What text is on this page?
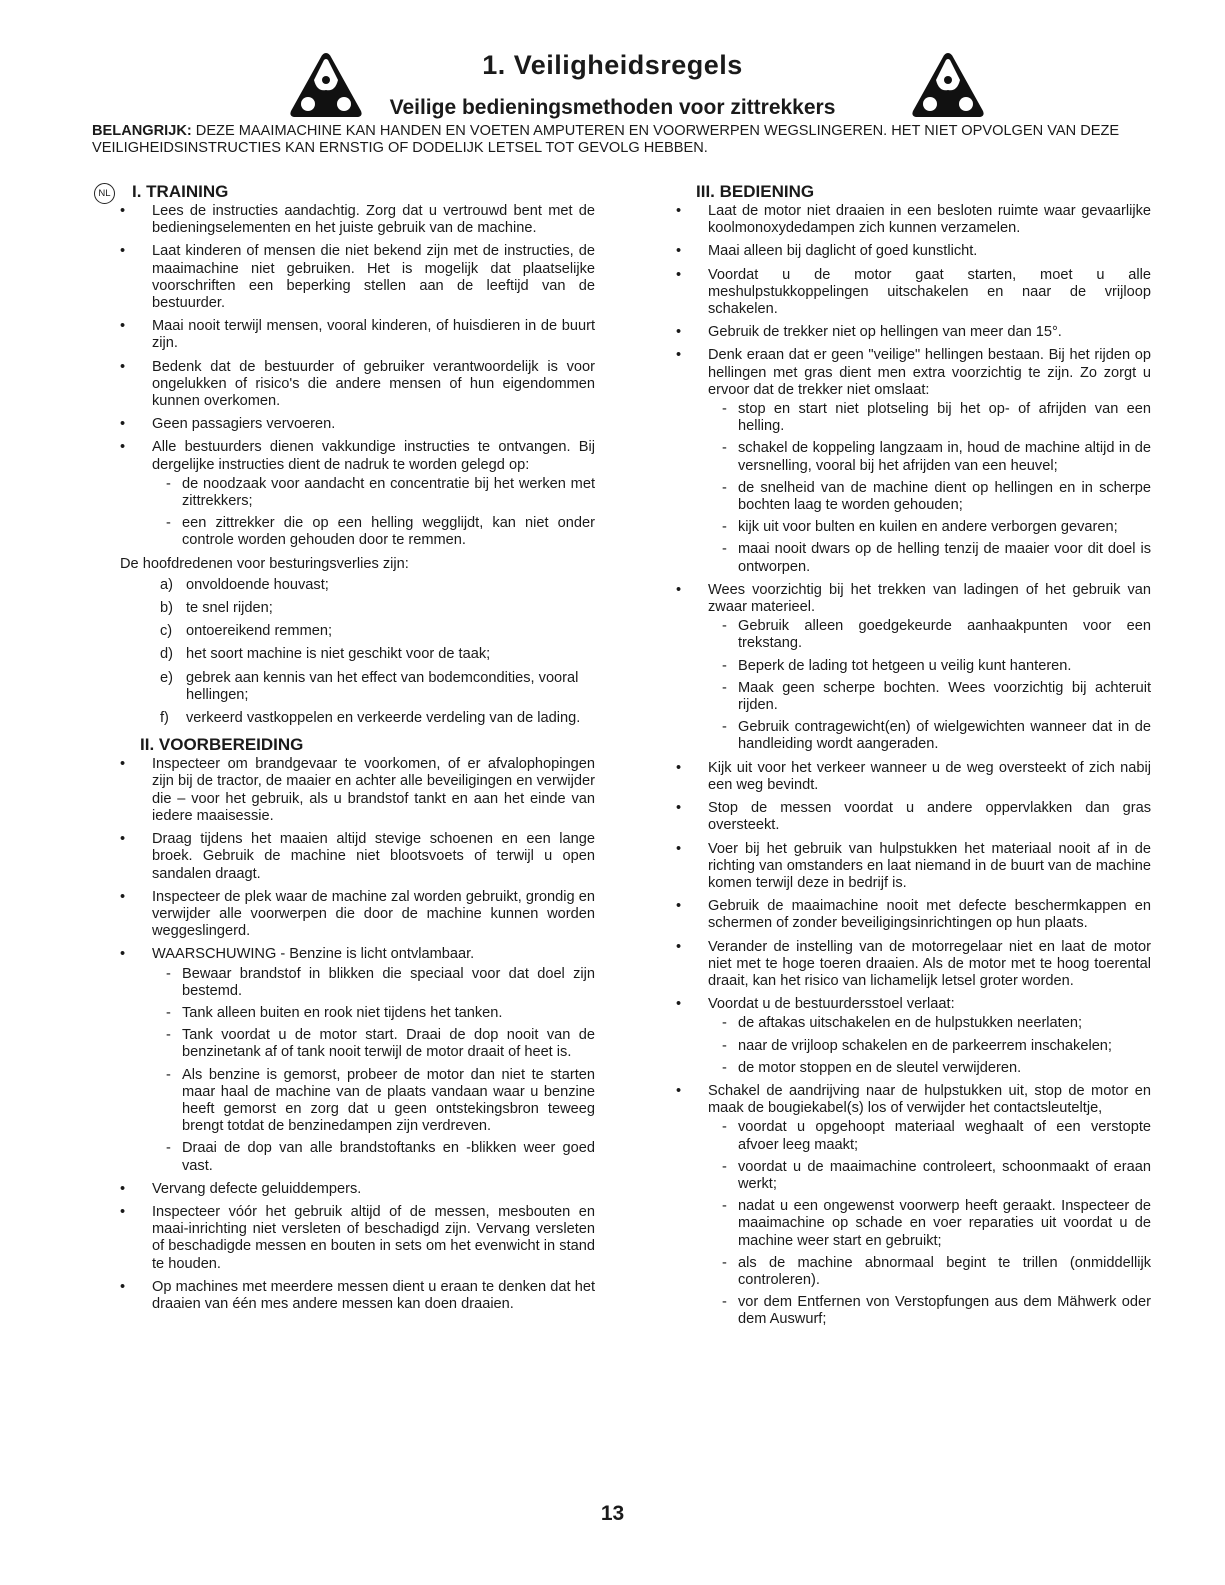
1. Veiligheidsregels
Veilige bedieningsmethoden voor zittrekkers
BELANGRIJK: DEZE MAAIMACHINE KAN HANDEN EN VOETEN AMPUTEREN EN VOORWERPEN WEGSLINGEREN. HET NIET OPVOLGEN VAN DEZE VEILIGHEIDSINSTRUCTIES KAN ERNSTIG OF DODELIJK LETSEL TOT GEVOLG HEBBEN.
NL I. TRAINING
• Lees de instructies aandachtig. Zorg dat u vertrouwd bent met de bedieningselementen en het juiste gebruik van de machine.
• Laat kinderen of mensen die niet bekend zijn met de instructies, de maaimachine niet gebruiken. Het is mogelijk dat plaatselijke voorschriften een beperking stellen aan de leeftijd van de bestuurder.
• Maai nooit terwijl mensen, vooral kinderen, of huisdieren in de buurt zijn.
• Bedenk dat de bestuurder of gebruiker verantwoordelijk is voor ongelukken of risico's die andere mensen of hun eigendommen kunnen overkomen.
• Geen passagiers vervoeren.
• Alle bestuurders dienen vakkundige instructies te ontvangen. Bij dergelijke instructies dient de nadruk te worden gelegd op:
- de noodzaak voor aandacht en concentratie bij het werken met zittrekkers;
- een zittrekker die op een helling wegglijdt, kan niet onder controle worden gehouden door te remmen.
De hoofdredenen voor besturingsverlies zijn:
a) onvoldoende houvast;
b) te snel rijden;
c) ontoereikend remmen;
d) het soort machine is niet geschikt voor de taak;
e) gebrek aan kennis van het effect van bodemcondities, vooral hellingen;
f) verkeerd vastkoppelen en verkeerde verdeling van de lading.
II. VOORBEREIDING
• Inspecteer om brandgevaar te voorkomen, of er afvalophopingen zijn bij de tractor, de maaier en achter alle beveiligingen en verwijder die – voor het gebruik, als u brandstof tankt en aan het einde van iedere maaisessie.
• Draag tijdens het maaien altijd stevige schoenen en een lange broek. Gebruik de machine niet blootsvoets of terwijl u open sandalen draagt.
• Inspecteer de plek waar de machine zal worden gebruikt, grondig en verwijder alle voorwerpen die door de machine kunnen worden weggeslingerd.
• WAARSCHUWING - Benzine is licht ontvlambaar.
- Bewaar brandstof in blikken die speciaal voor dat doel zijn bestemd.
- Tank alleen buiten en rook niet tijdens het tanken.
- Tank voordat u de motor start. Draai de dop nooit van de benzinetank af of tank nooit terwijl de motor draait of heet is.
- Als benzine is gemorst, probeer de motor dan niet te starten maar haal de machine van de plaats vandaan waar u benzine heeft gemorst en zorg dat u geen ontstekingsbron teweeg brengt totdat de benzinedampen zijn verdreven.
- Draai de dop van alle brandstoftanks en -blikken weer goed vast.
• Vervang defecte geluiddempers.
• Inspecteer vóór het gebruik altijd of de messen, mesbouten en maai-inrichting niet versleten of beschadigd zijn. Vervang versleten of beschadigde messen en bouten in sets om het evenwicht in stand te houden.
• Op machines met meerdere messen dient u eraan te denken dat het draaien van één mes andere messen kan doen draaien.
III. BEDIENING
• Laat de motor niet draaien in een besloten ruimte waar gevaarlijke koolmonoxydedampen zich kunnen verzamelen.
• Maai alleen bij daglicht of goed kunstlicht.
• Voordat u de motor gaat starten, moet u alle meshulpstukkoppelingen uitschakelen en naar de vrijloop schakelen.
• Gebruik de trekker niet op hellingen van meer dan 15°.
• Denk eraan dat er geen "veilige" hellingen bestaan. Bij het rijden op hellingen met gras dient men extra voorzichtig te zijn. Zo zorgt u ervoor dat de trekker niet omslaat:
- stop en start niet plotseling bij het op- of afrijden van een helling.
- schakel de koppeling langzaam in, houd de machine altijd in de versnelling, vooral bij het afrijden van een heuvel;
- de snelheid van de machine dient op hellingen en in scherpe bochten laag te worden gehouden;
- kijk uit voor bulten en kuilen en andere verborgen gevaren;
- maai nooit dwars op de helling tenzij de maaier voor dit doel is ontworpen.
• Wees voorzichtig bij het trekken van ladingen of het gebruik van zwaar materieel.
- Gebruik alleen goedgekeurde aanhaakpunten voor een trekstang.
- Beperk de lading tot hetgeen u veilig kunt hanteren.
- Maak geen scherpe bochten. Wees voorzichtig bij achteruit rijden.
- Gebruik contragewicht(en) of wielgewichten wanneer dat in de handleiding wordt aangeraden.
• Kijk uit voor het verkeer wanneer u de weg oversteekt of zich nabij een weg bevindt.
• Stop de messen voordat u andere oppervlakken dan gras oversteekt.
• Voer bij het gebruik van hulpstukken het materiaal nooit af in de richting van omstanders en laat niemand in de buurt van de machine komen terwijl deze in bedrijf is.
• Gebruik de maaimachine nooit met defecte beschermkappen en schermen of zonder beveiligingsinrichtingen op hun plaats.
• Verander de instelling van de motorregelaar niet en laat de motor niet met te hoge toeren draaien. Als de motor met te hoog toerental draait, kan het risico van lichamelijk letsel groter worden.
• Voordat u de bestuurdersstoel verlaat:
- de aftakas uitschakelen en de hulpstukken neerlaten;
- naar de vrijloop schakelen en de parkeerrem inschakelen;
- de motor stoppen en de sleutel verwijderen.
• Schakel de aandrijving naar de hulpstukken uit, stop de motor en maak de bougiekabel(s) los of verwijder het contactsleuteltje,
- voordat u opgehoopt materiaal weghaalt of een verstopte afvoer leeg maakt;
- voordat u de maaimachine controleert, schoonmaakt of eraan werkt;
- nadat u een ongewenst voorwerp heeft geraakt. Inspecteer de maaimachine op schade en voer reparaties uit voordat u de machine weer start en gebruikt;
- als de machine abnormaal begint te trillen (onmiddellijk controleren).
- vor dem Entfernen von Verstopfungen aus dem Mähwerk oder dem Auswurf;
13
